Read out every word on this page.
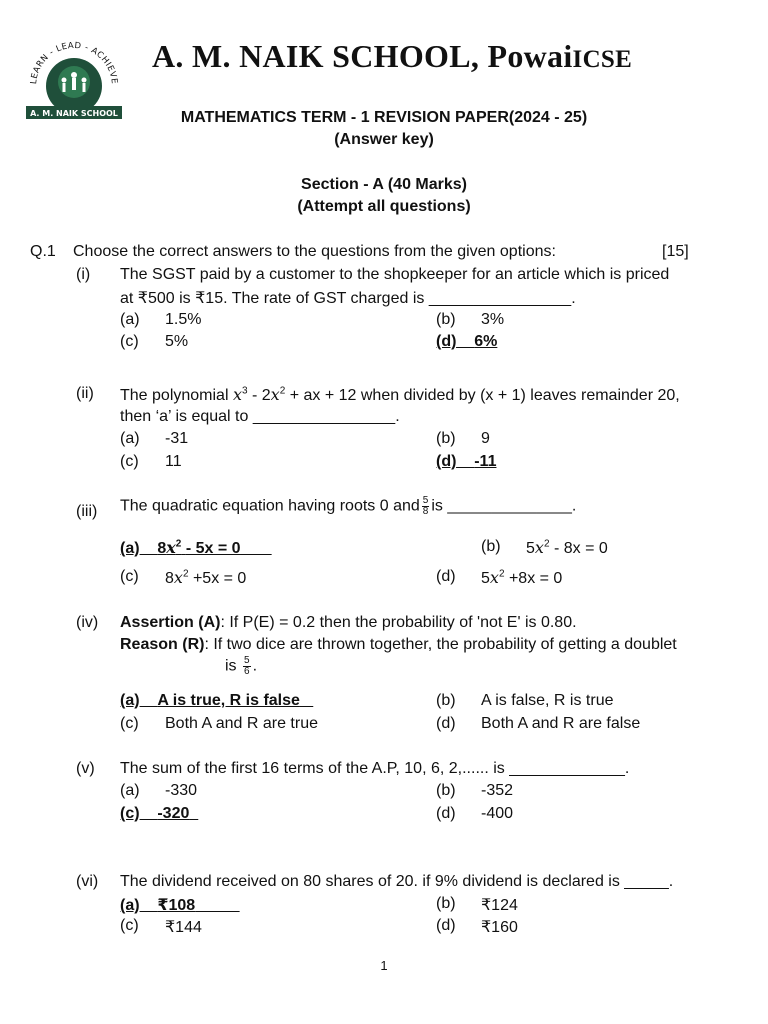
LEARN - LEAD - ACHIEVE
A. M. NAIK SCHOOL
A. M. NAIK SCHOOL, PowaiICSE
MATHEMATICS TERM - 1 REVISION PAPER(2024 - 25)
(Answer key)
Section - A (40 Marks)
(Attempt all questions)
Q.1 Choose the correct answers to the questions from the given options:	[15]
(i) The SGST paid by a customer to the shopkeeper for an article which is priced
at ₹500 is ₹15. The rate of GST charged is ________________.
(a) 1.5%	(b) 3%
(c) 5%	(d) 6%
(ii) The polynomial $x^3 - 2x^2$ + ax + 12 when divided by (x + 1) leaves remainder 20,
then ‘a’ is equal to ________________.
(a) -31	(b) 9
(c) 11	(d) -11
(iii) The quadratic equation having roots 0 and $\frac{5}{8}$ is ______________.
(a) $8x^2 - 5x = 0$	(b) $5x^2 - 8x = 0$
(c) $8x^2 +5x = 0$	(d) $5x^2 +8x = 0$
(iv) Assertion (A): If P(E) = 0.2 then the probability of 'not E' is 0.80.
Reason (R): If two dice are thrown together, the probability of getting a doublet
is $\frac{5}{6}$ .
(a) A is true, R is false	(b) A is false, R is true
(c) Both A and R are true	(d) Both A and R are false
(v) The sum of the first 16 terms of the A.P, 10, 6, 2,...... is _____________.
(a) -330	(b) -352
(c) -320	(d) -400
(vi) The dividend received on 80 shares of 20. if 9% dividend is declared is _____.
(a) ₹108	(b) ₹124
(c) ₹144	(d) ₹160
1
